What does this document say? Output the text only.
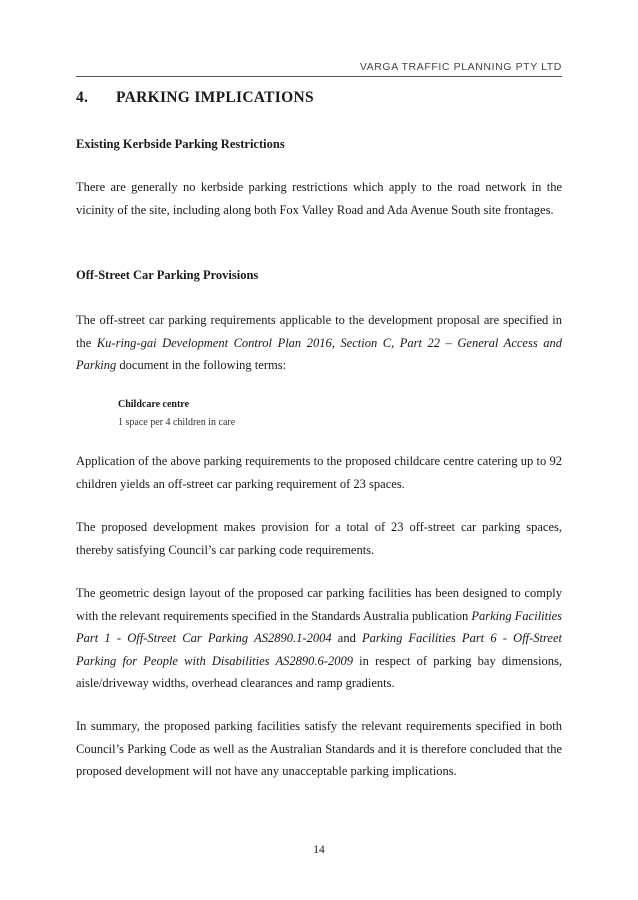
VARGA TRAFFIC PLANNING PTY LTD
4. PARKING IMPLICATIONS
Existing Kerbside Parking Restrictions

There are generally no kerbside parking restrictions which apply to the road network in the vicinity of the site, including along both Fox Valley Road and Ada Avenue South site frontages.

Off-Street Car Parking Provisions

The off-street car parking requirements applicable to the development proposal are specified in the Ku-ring-gai Development Control Plan 2016, Section C, Part 22 – General Access and Parking document in the following terms:

Childcare centre
1 space per 4 children in care

Application of the above parking requirements to the proposed childcare centre catering up to 92 children yields an off-street car parking requirement of 23 spaces.

The proposed development makes provision for a total of 23 off-street car parking spaces, thereby satisfying Council’s car parking code requirements.

The geometric design layout of the proposed car parking facilities has been designed to comply with the relevant requirements specified in the Standards Australia publication Parking Facilities Part 1 - Off-Street Car Parking AS2890.1-2004 and Parking Facilities Part 6 - Off-Street Parking for People with Disabilities AS2890.6-2009 in respect of parking bay dimensions, aisle/driveway widths, overhead clearances and ramp gradients.

In summary, the proposed parking facilities satisfy the relevant requirements specified in both Council’s Parking Code as well as the Australian Standards and it is therefore concluded that the proposed development will not have any unacceptable parking implications.

14
